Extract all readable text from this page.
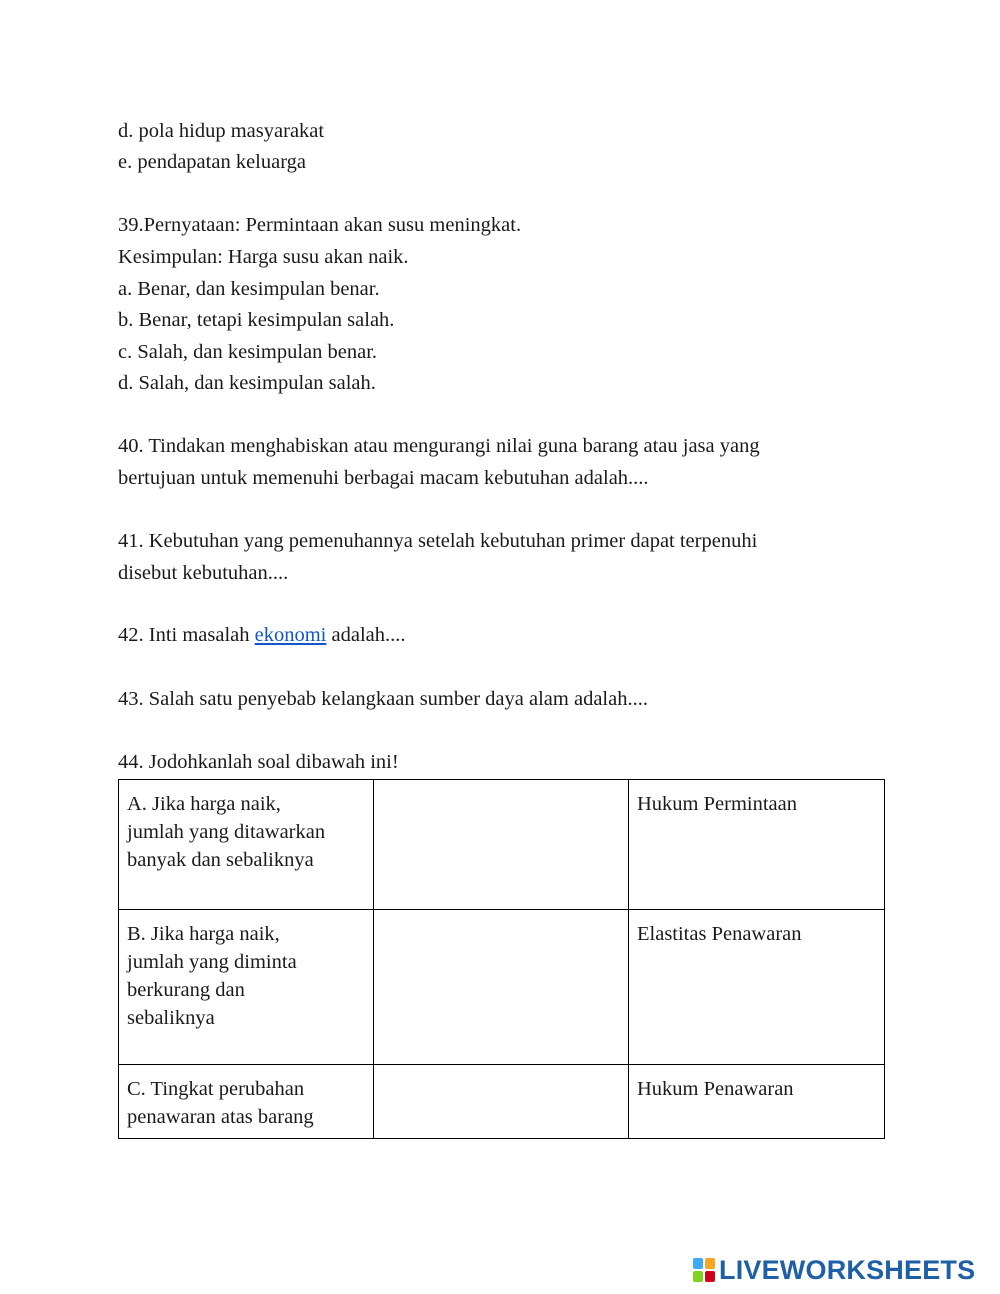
d. pola hidup masyarakat
e. pendapatan keluarga
39.Pernyataan: Permintaan akan susu meningkat.
Kesimpulan: Harga susu akan naik.
a. Benar, dan kesimpulan benar.
b. Benar, tetapi kesimpulan salah.
c. Salah, dan kesimpulan benar.
d. Salah, dan kesimpulan salah.
40. Tindakan menghabiskan atau mengurangi nilai guna barang atau jasa yang
bertujuan untuk memenuhi berbagai macam kebutuhan adalah....
41. Kebutuhan yang pemenuhannya setelah kebutuhan primer dapat terpenuhi
disebut kebutuhan....
42. Inti masalah ekonomi adalah....
43. Salah satu penyebab kelangkaan sumber daya alam adalah....
44. Jodohkanlah soal dibawah ini!
A. Jika harga naik,
jumlah yang ditawarkan
banyak dan sebaliknya		Hukum Permintaan
B. Jika harga naik,
jumlah yang diminta
berkurang dan
sebaliknya		Elastitas Penawaran
C. Tingkat perubahan
penawaran atas barang		Hukum Penawaran
LIVEWORKSHEETS
